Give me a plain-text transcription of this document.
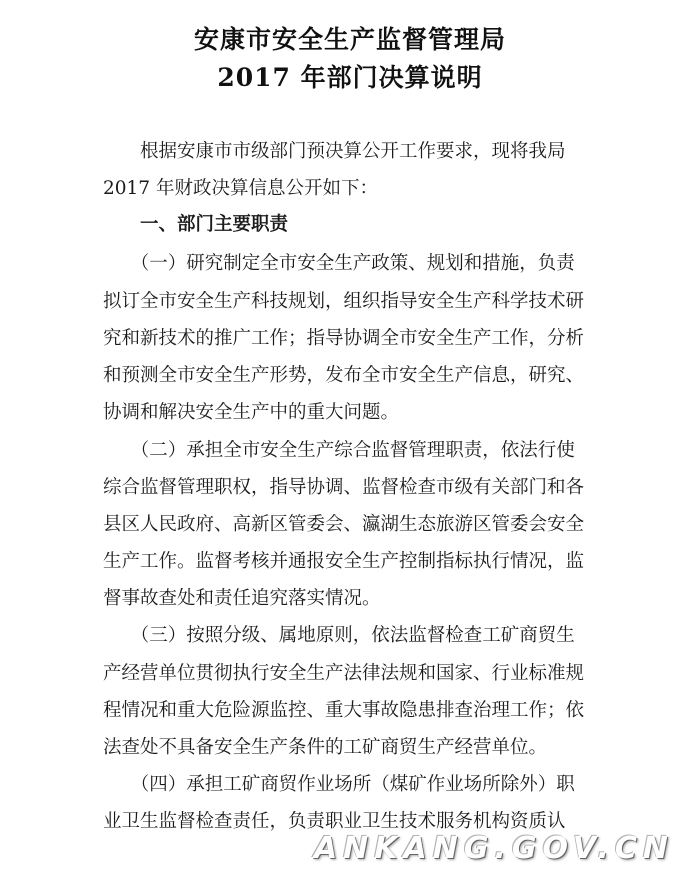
安康市安全生产监督管理局
2017 年部门决算说明
　　根据安康市市级部门预决算公开工作要求，现将我局
2017 年财政决算信息公开如下：
　　一、部门主要职责
　　（一）研究制定全市安全生产政策、规划和措施，负责
拟订全市安全生产科技规划，组织指导安全生产科学技术研
究和新技术的推广工作；指导协调全市安全生产工作，分析
和预测全市安全生产形势，发布全市安全生产信息，研究、
协调和解决安全生产中的重大问题。
　　（二）承担全市安全生产综合监督管理职责，依法行使
综合监督管理职权，指导协调、监督检查市级有关部门和各
县区人民政府、高新区管委会、瀛湖生态旅游区管委会安全
生产工作。监督考核并通报安全生产控制指标执行情况，监
督事故查处和责任追究落实情况。
　　（三）按照分级、属地原则，依法监督检查工矿商贸生
产经营单位贯彻执行安全生产法律法规和国家、行业标准规
程情况和重大危险源监控、重大事故隐患排查治理工作；依
法查处不具备安全生产条件的工矿商贸生产经营单位。
　　（四）承担工矿商贸作业场所（煤矿作业场所除外）职
业卫生监督检查责任，负责职业卫生技术服务机构资质认
ANKANG.GOV.CN
